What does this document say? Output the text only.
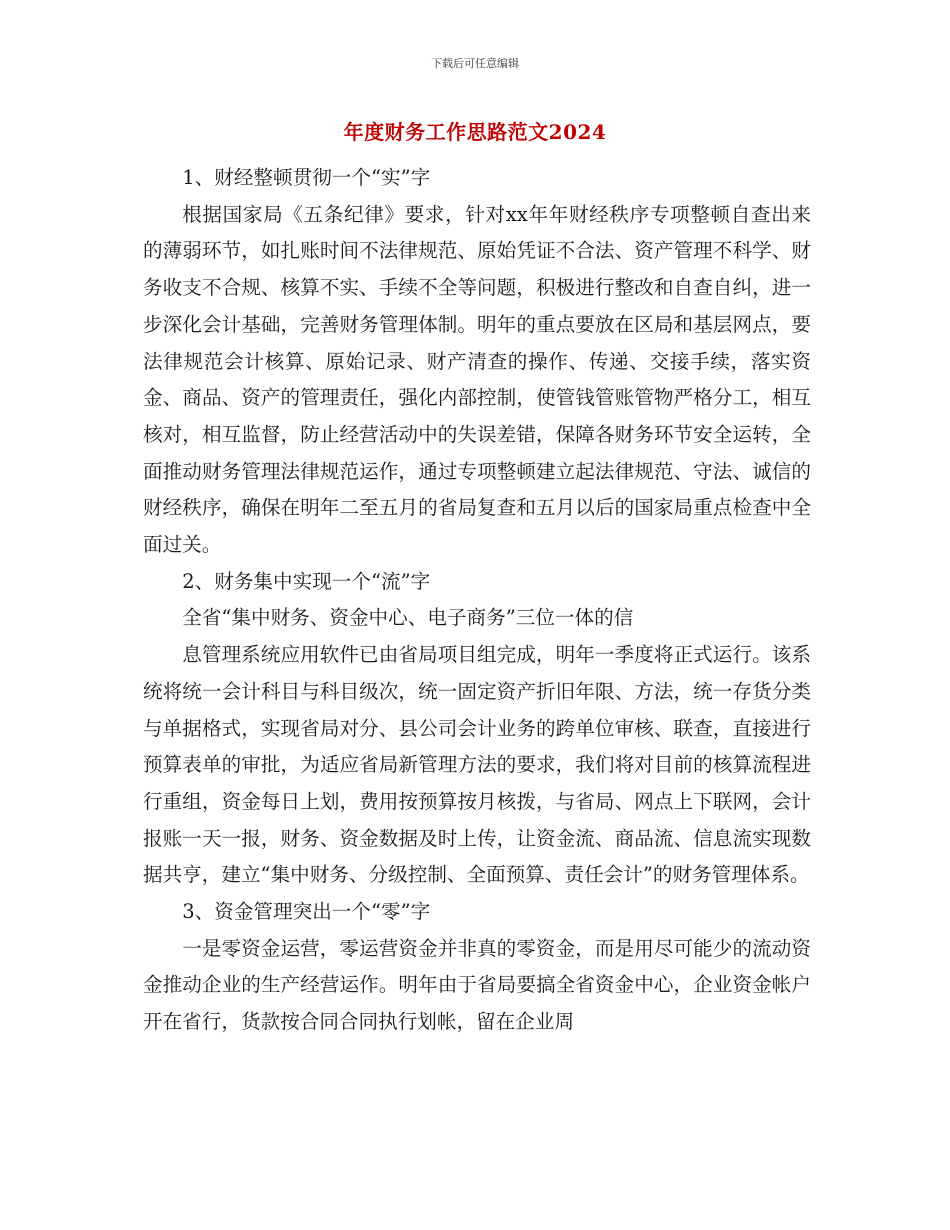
下载后可任意编辑
年度财务工作思路范文2024

1、财经整顿贯彻一个“实”字

根据国家局《五条纪律》要求，针对xx年年财经秩序专项整顿自查出来的薄弱环节，如扎账时间不法律规范、原始凭证不合法、资产管理不科学、财务收支不合规、核算不实、手续不全等问题，积极进行整改和自查自纠，进一步深化会计基础，完善财务管理体制。明年的重点要放在区局和基层网点，要法律规范会计核算、原始记录、财产清查的操作、传递、交接手续，落实资金、商品、资产的管理责任，强化内部控制，使管钱管账管物严格分工，相互核对，相互监督，防止经营活动中的失误差错，保障各财务环节安全运转，全面推动财务管理法律规范运作，通过专项整顿建立起法律规范、守法、诚信的财经秩序，确保在明年二至五月的省局复查和五月以后的国家局重点检查中全面过关。

2、财务集中实现一个“流”字

全省“集中财务、资金中心、电子商务”三位一体的信

息管理系统应用软件已由省局项目组完成，明年一季度将正式运行。该系统将统一会计科目与科目级次，统一固定资产折旧年限、方法，统一存货分类与单据格式，实现省局对分、县公司会计业务的跨单位审核、联查，直接进行预算表单的审批，为适应省局新管理方法的要求，我们将对目前的核算流程进行重组，资金每日上划，费用按预算按月核拨，与省局、网点上下联网，会计报账一天一报，财务、资金数据及时上传，让资金流、商品流、信息流实现数据共亨，建立“集中财务、分级控制、全面预算、责任会计”的财务管理体系。

3、资金管理突出一个“零”字

一是零资金运营，零运营资金并非真的零资金，而是用尽可能少的流动资金推动企业的生产经营运作。明年由于省局要搞全省资金中心，企业资金帐户开在省行，货款按合同合同执行划帐，留在企业周
